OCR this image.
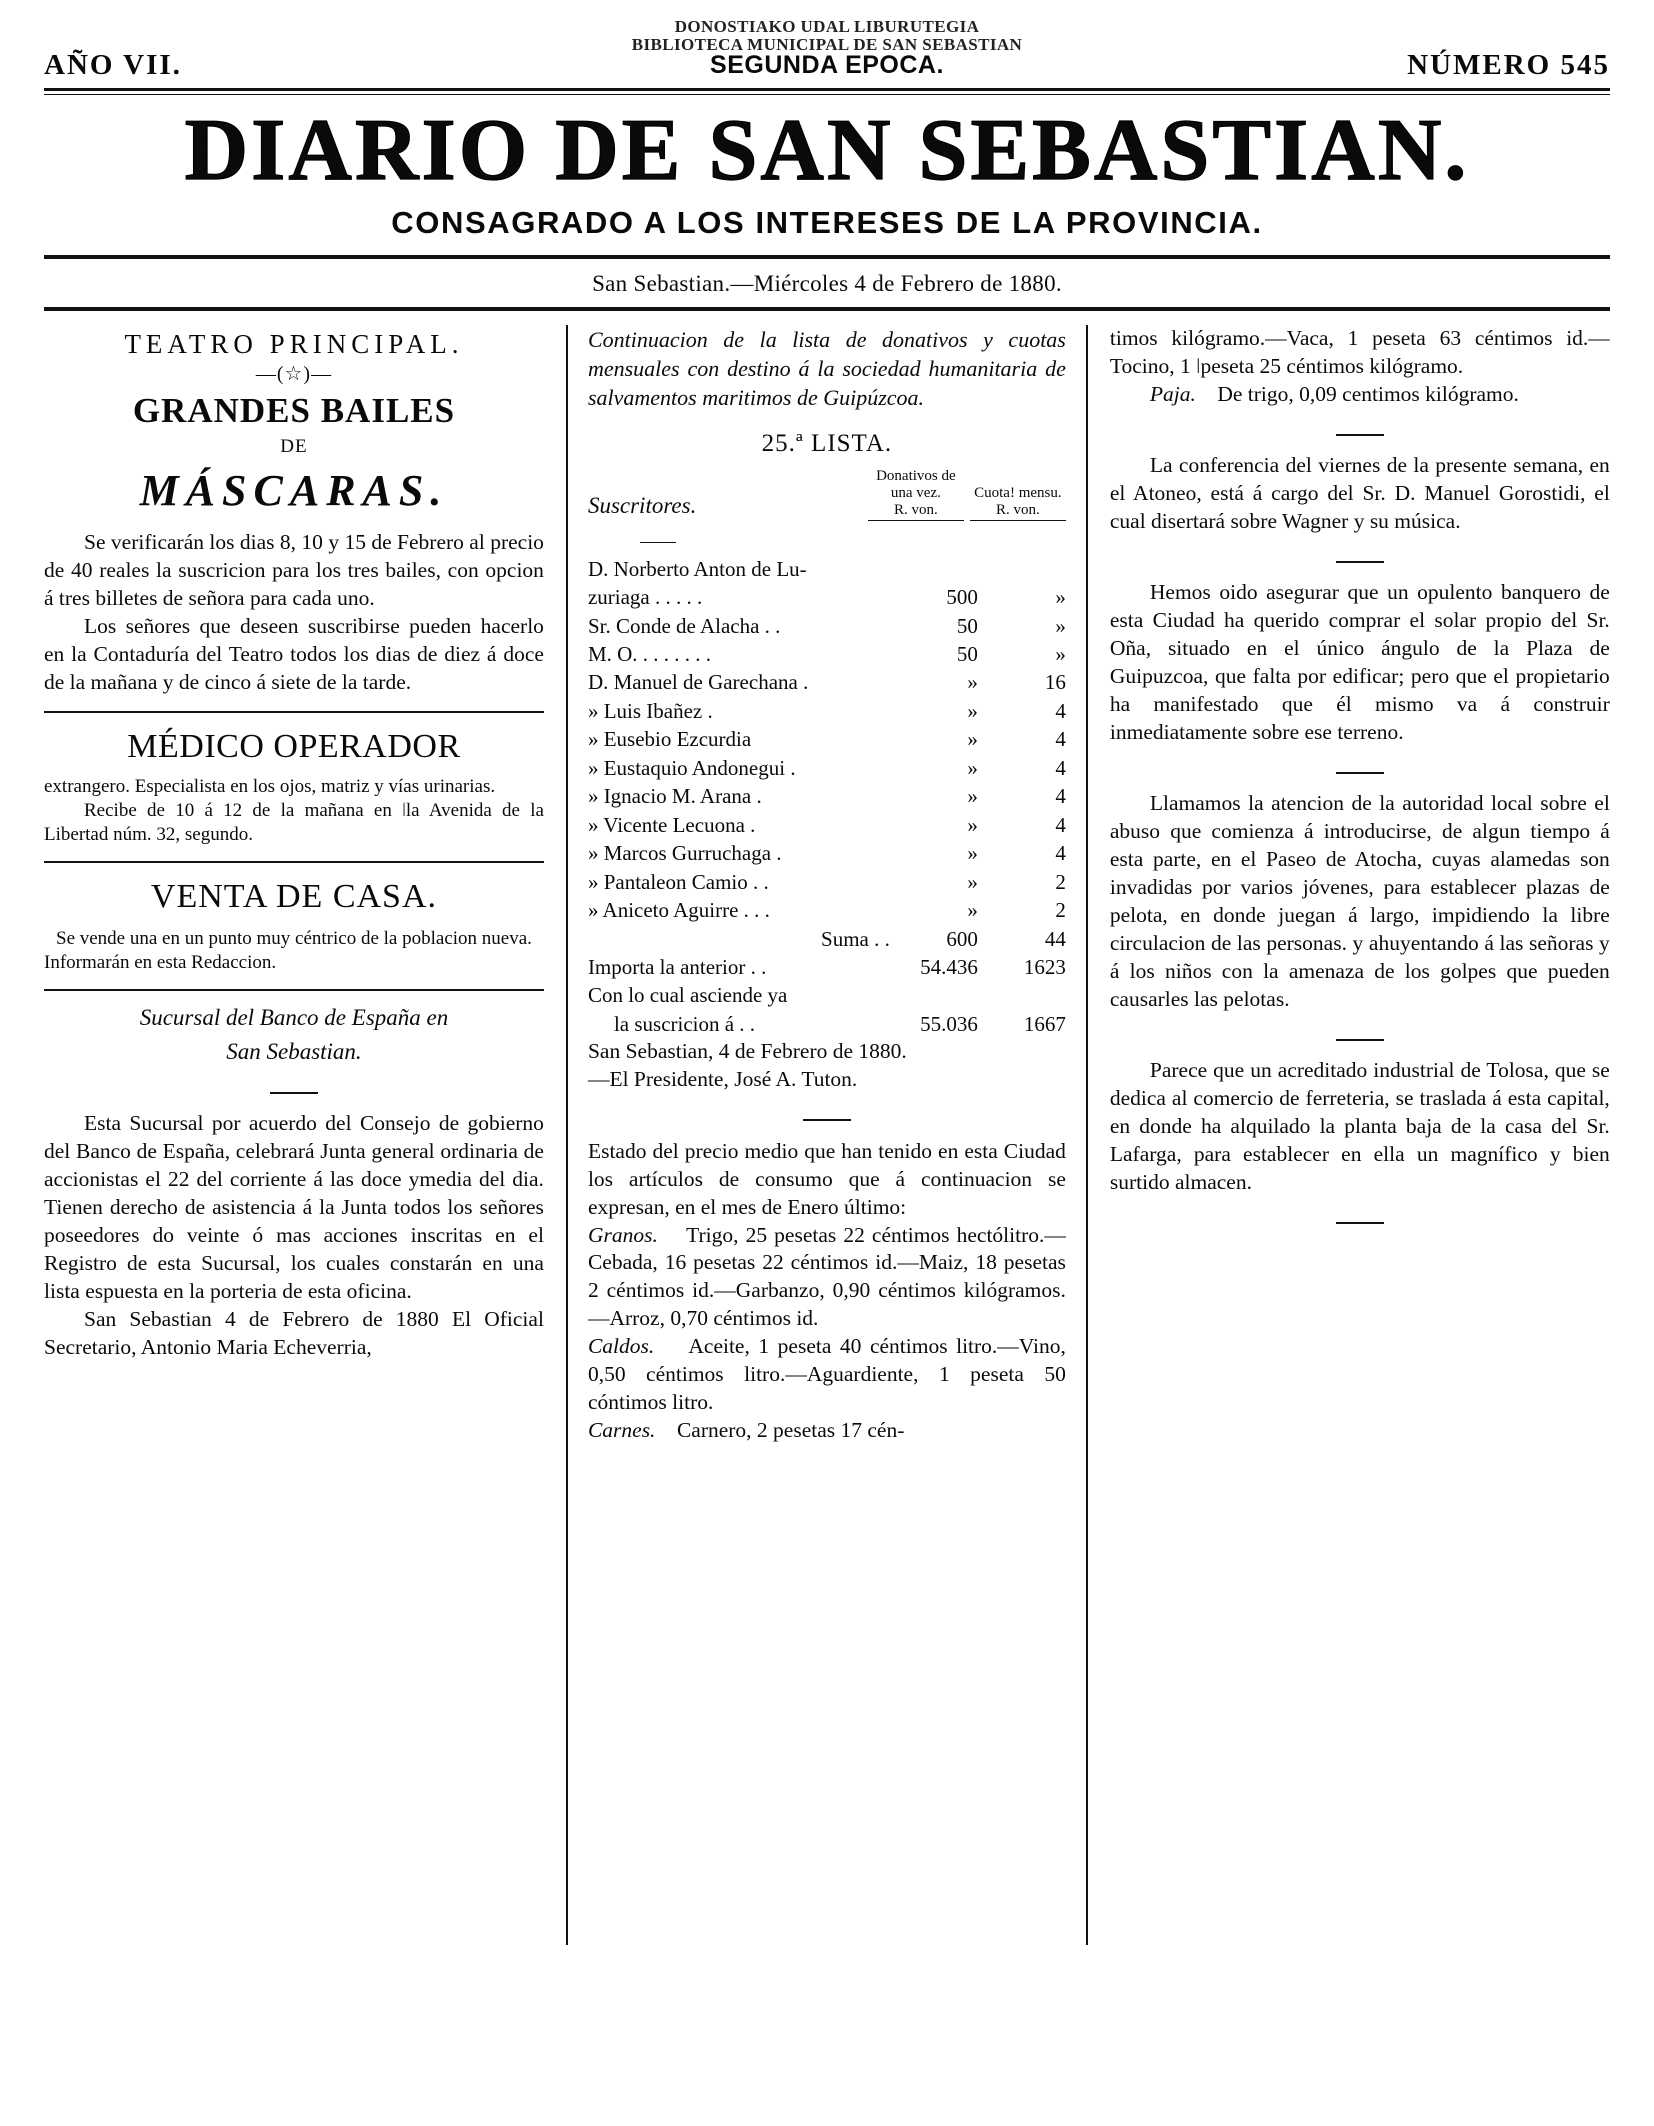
DONOSTIAKO UDAL LIBURUTEGIA
BIBLIOTECA MUNICIPAL DE SAN SEBASTIAN
AÑO VII.	SEGUNDA EPOCA.	NÚMERO 545
DIARIO DE SAN SEBASTIAN.
CONSAGRADO A LOS INTERESES DE LA PROVINCIA.
San Sebastian.—Miércoles 4 de Febrero de 1880.
TEATRO PRINCIPAL.
—(☆)—
GRANDES BAILES
DE
MÁSCARAS.

Se verificarán los dias 8, 10 y 15 de Febrero al precio de 40 reales la suscricion para los tres bailes, con opcion á tres billetes de señora para cada uno.

Los señores que deseen suscribirse pueden hacerlo en la Contaduría del Teatro todos los dias de diez á doce de la mañana y de cinco á siete de la tarde.

MÉDICO OPERADOR

extrangero. Especialista en los ojos, matriz y vías urinarias.

Recibe de 10 á 12 de la mañana en ǀla Avenida de la Libertad núm. 32, segundo.

VENTA DE CASA.

Se vende una en un punto muy céntrico de la poblacion nueva.

Informarán en esta Redaccion.

Sucursal del Banco de España en
San Sebastian.

Esta Sucursal por acuerdo del Consejo de gobierno del Banco de España, celebrará Junta general ordinaria de accionistas el 22 del corriente á las doce ymedia del dia. Tienen derecho de asistencia á la Junta todos los señores poseedores do veinte ó mas acciones inscritas en el Registro de esta Sucursal, los cuales constarán en una lista espuesta en la porteria de esta oficina.

San Sebastian 4 de Febrero de 1880 El Oficial Secretario, Antonio Maria Echeverria,

Continuacion de la lista de donativos y cuotas mensuales con destino á la sociedad humanitaria de salvamentos maritimos de Guipúzcoa.

25.ª LISTA.
Suscritores.
Donativos de una vez.
R. von.
Cuota! mensu.
R. von.
D. Norberto Anton de Lu-		
zuriaga . . . . .	500	»
Sr. Conde de Alacha . .	50	»
M. O. . . . . . . .	50	»
D. Manuel de Garechana .	»	16
» Luis Ibañez .	»	4
» Eusebio Ezcurdia	»	4
» Eustaquio Andonegui .	»	4
» Ignacio M. Arana .	»	4
» Vicente Lecuona .	»	4
» Marcos Gurruchaga .	»	4
» Pantaleon Camio . .	»	2
» Aniceto Aguirre . . .	»	2
Suma . .	600	44
Importa la anterior . .	54.436	1623
Con lo cual asciende ya		
la suscricion á . .	55.036	1667

San Sebastian, 4 de Febrero de 1880.

—El Presidente, José A. Tuton.

Estado del precio medio que han tenido en esta Ciudad los artículos de consumo que á continuacion se expresan, en el mes de Enero último:

Granos. Trigo, 25 pesetas 22 céntimos hectólitro.—Cebada, 16 pesetas 22 céntimos id.—Maiz, 18 pesetas 2 céntimos id.—Garbanzo, 0,90 céntimos kilógramos.—Arroz, 0,70 céntimos id.

Caldos. Aceite, 1 peseta 40 céntimos litro.—Vino, 0,50 céntimos litro.—Aguardiente, 1 peseta 50 cóntimos litro.

Carnes. Carnero, 2 pesetas 17 cén-

timos kilógramo.—Vaca, 1 peseta 63 céntimos id.—Tocino, 1 ǀpeseta 25 céntimos kilógramo.

Paja. De trigo, 0,09 centimos kilógramo.

La conferencia del viernes de la presente semana, en el Atoneo, está á cargo del Sr. D. Manuel Gorostidi, el cual disertará sobre Wagner y su música.

Hemos oido asegurar que un opulento banquero de esta Ciudad ha querido comprar el solar propio del Sr. Oña, situado en el único ángulo de la Plaza de Guipuzcoa, que falta por edificar; pero que el propietario ha manifestado que él mismo va á construir inmediatamente sobre ese terreno.

Llamamos la atencion de la autoridad local sobre el abuso que comienza á introducirse, de algun tiempo á esta parte, en el Paseo de Atocha, cuyas alamedas son invadidas por varios jóvenes, para establecer plazas de pelota, en donde juegan á largo, impidiendo la libre circulacion de las personas. y ahuyentando á las señoras y á los niños con la amenaza de los golpes que pueden causarles las pelotas.

Parece que un acreditado industrial de Tolosa, que se dedica al comercio de ferreteria, se traslada á esta capital, en donde ha alquilado la planta baja de la casa del Sr. Lafarga, para establecer en ella un magnífico y bien surtido almacen.
